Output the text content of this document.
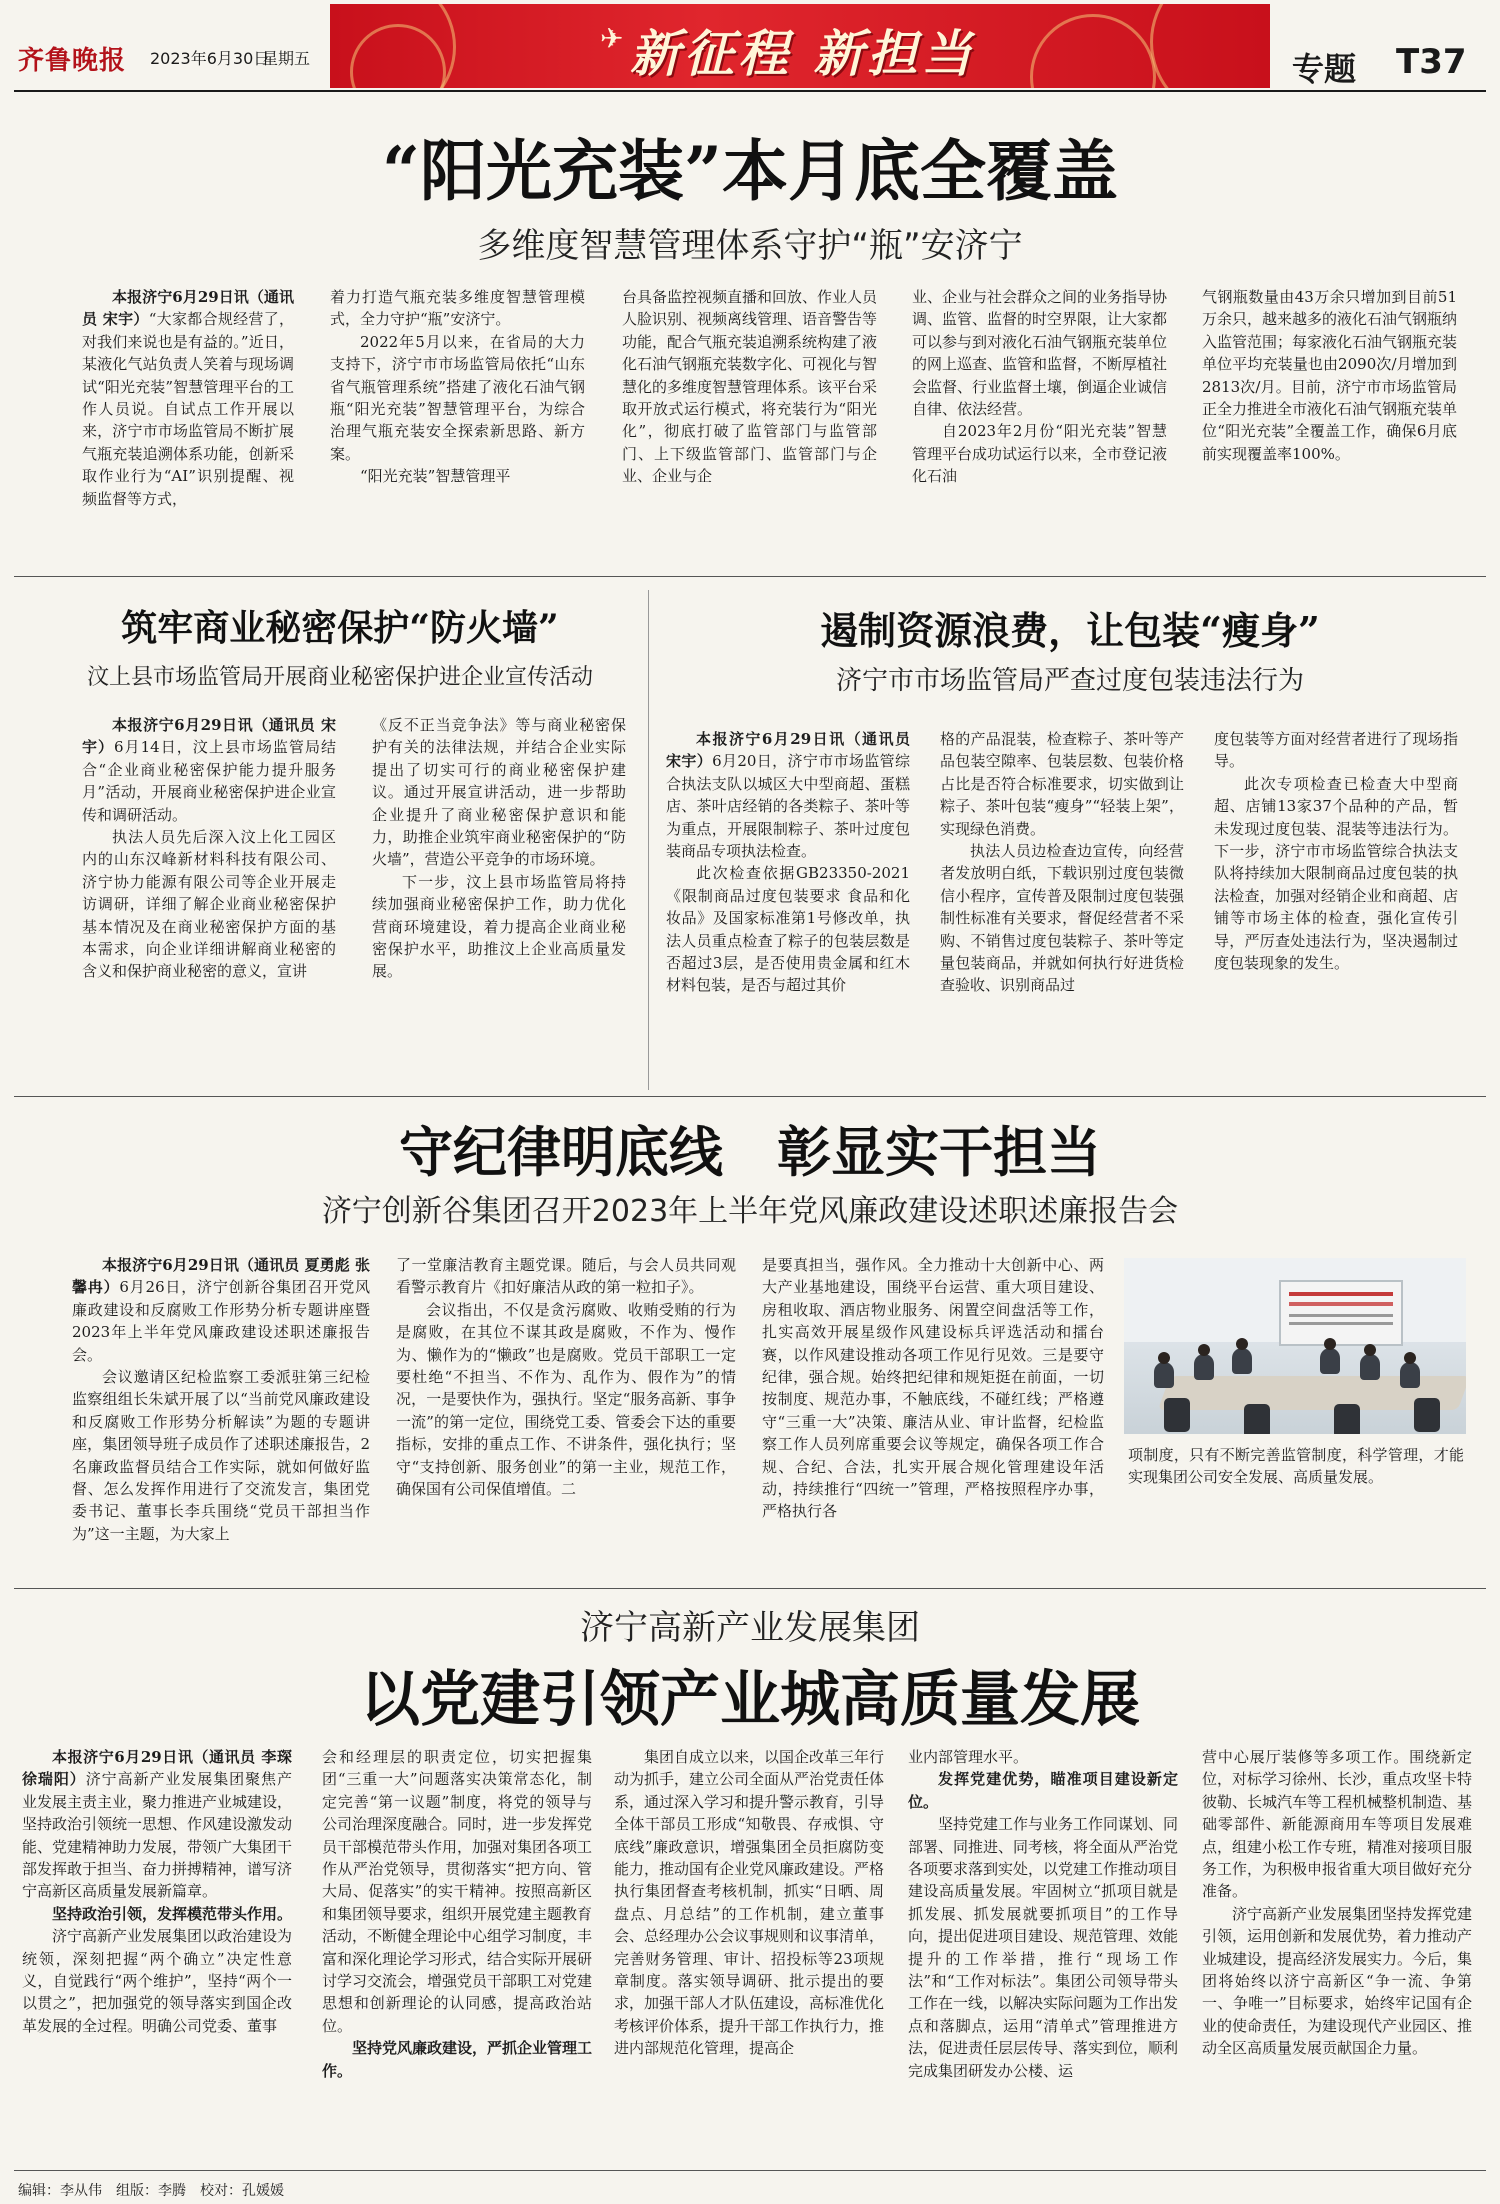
齐鲁晚报 2023年6月30日
星期五
✈ 新征程 新担当	专题 T37
“阳光充装”本月底全覆盖
多维度智慧管理体系守护“瓶”安济宁

本报济宁6月29日讯（通讯员 宋宇）“大家都合规经营了，对我们来说也是有益的。”近日，某液化气站负责人笑着与现场调试“阳光充装”智慧管理平台的工作人员说。自试点工作开展以来，济宁市市场监管局不断扩展气瓶充装追溯体系功能，创新采取作业行为“AI”识别提醒、视频监督等方式，

着力打造气瓶充装多维度智慧管理模式，全力守护“瓶”安济宁。

2022年5月以来，在省局的大力支持下，济宁市市场监管局依托“山东省气瓶管理系统”搭建了液化石油气钢瓶“阳光充装”智慧管理平台，为综合治理气瓶充装安全探索新思路、新方案。

“阳光充装”智慧管理平

台具备监控视频直播和回放、作业人员人脸识别、视频离线管理、语音警告等功能，配合气瓶充装追溯系统构建了液化石油气钢瓶充装数字化、可视化与智慧化的多维度智慧管理体系。该平台采取开放式运行模式，将充装行为“阳光化”，彻底打破了监管部门与监管部门、上下级监管部门、监管部门与企业、企业与企

业、企业与社会群众之间的业务指导协调、监管、监督的时空界限，让大家都可以参与到对液化石油气钢瓶充装单位的网上巡查、监管和监督，不断厚植社会监督、行业监督土壤，倒逼企业诚信自律、依法经营。

自2023年2月份“阳光充装”智慧管理平台成功试运行以来，全市登记液化石油

气钢瓶数量由43万余只增加到目前51万余只，越来越多的液化石油气钢瓶纳入监管范围；每家液化石油气钢瓶充装单位平均充装量也由2090次/月增加到2813次/月。目前，济宁市市场监管局正全力推进全市液化石油气钢瓶充装单位“阳光充装”全覆盖工作，确保6月底前实现覆盖率100%。

筑牢商业秘密保护“防火墙”
汶上县市场监管局开展商业秘密保护进企业宣传活动

本报济宁6月29日讯（通讯员 宋宇）6月14日，汶上县市场监管局结合“企业商业秘密保护能力提升服务月”活动，开展商业秘密保护进企业宣传和调研活动。

执法人员先后深入汶上化工园区内的山东汉峰新材料科技有限公司、济宁协力能源有限公司等企业开展走访调研，详细了解企业商业秘密保护基本情况及在商业秘密保护方面的基本需求，向企业详细讲解商业秘密的含义和保护商业秘密的意义，宣讲

《反不正当竞争法》等与商业秘密保护有关的法律法规，并结合企业实际提出了切实可行的商业秘密保护建议。通过开展宣讲活动，进一步帮助企业提升了商业秘密保护意识和能力，助推企业筑牢商业秘密保护的“防火墙”，营造公平竞争的市场环境。

下一步，汶上县市场监管局将持续加强商业秘密保护工作，助力优化营商环境建设，着力提高企业商业秘密保护水平，助推汶上企业高质量发展。

遏制资源浪费，让包装“瘦身”
济宁市市场监管局严查过度包装违法行为

本报济宁6月29日讯（通讯员 宋宇）6月20日，济宁市市场监管综合执法支队以城区大中型商超、蛋糕店、茶叶店经销的各类粽子、茶叶等为重点，开展限制粽子、茶叶过度包装商品专项执法检查。

此次检查依据GB23350-2021《限制商品过度包装要求 食品和化妆品》及国家标准第1号修改单，执法人员重点检查了粽子的包装层数是否超过3层，是否使用贵金属和红木材料包装，是否与超过其价

格的产品混装，检查粽子、茶叶等产品包装空隙率、包装层数、包装价格占比是否符合标准要求，切实做到让粽子、茶叶包装“瘦身”“轻装上架”，实现绿色消费。

执法人员边检查边宣传，向经营者发放明白纸，下载识别过度包装微信小程序，宣传普及限制过度包装强制性标准有关要求，督促经营者不采购、不销售过度包装粽子、茶叶等定量包装商品，并就如何执行好进货检查验收、识别商品过

度包装等方面对经营者进行了现场指导。

此次专项检查已检查大中型商超、店铺13家37个品种的产品，暂未发现过度包装、混装等违法行为。下一步，济宁市市场监管综合执法支队将持续加大限制商品过度包装的执法检查，加强对经销企业和商超、店铺等市场主体的检查，强化宣传引导，严厉查处违法行为，坚决遏制过度包装现象的发生。

守纪律明底线　彰显实干担当
济宁创新谷集团召开2023年上半年党风廉政建设述职述廉报告会

本报济宁6月29日讯（通讯员 夏勇彪 张馨冉）6月26日，济宁创新谷集团召开党风廉政建设和反腐败工作形势分析专题讲座暨2023年上半年党风廉政建设述职述廉报告会。

会议邀请区纪检监察工委派驻第三纪检监察组组长朱斌开展了以“当前党风廉政建设和反腐败工作形势分析解读”为题的专题讲座，集团领导班子成员作了述职述廉报告，2名廉政监督员结合工作实际，就如何做好监督、怎么发挥作用进行了交流发言，集团党委书记、董事长李兵围绕“党员干部担当作为”这一主题，为大家上

了一堂廉洁教育主题党课。随后，与会人员共同观看警示教育片《扣好廉洁从政的第一粒扣子》。

会议指出，不仅是贪污腐败、收贿受贿的行为是腐败，在其位不谋其政是腐败，不作为、慢作为、懒作为的“懒政”也是腐败。党员干部职工一定要杜绝“不担当、不作为、乱作为、假作为”的情况，一是要快作为，强执行。坚定“服务高新、事争一流”的第一定位，围绕党工委、管委会下达的重要指标，安排的重点工作、不讲条件，强化执行；坚守“支持创新、服务创业”的第一主业，规范工作，确保国有公司保值增值。二

是要真担当，强作风。全力推动十大创新中心、两大产业基地建设，围绕平台运营、重大项目建设、房租收取、酒店物业服务、闲置空间盘活等工作，扎实高效开展星级作风建设标兵评选活动和擂台赛，以作风建设推动各项工作见行见效。三是要守纪律，强合规。始终把纪律和规矩挺在前面，一切按制度、规范办事，不触底线，不碰红线；严格遵守“三重一大”决策、廉洁从业、审计监督，纪检监察工作人员列席重要会议等规定，确保各项工作合规、合纪、合法，扎实开展合规化管理建设年活动，持续推行“四统一”管理，严格按照程序办事，严格执行各

项制度，只有不断完善监管制度，科学管理，才能实现集团公司安全发展、高质量发展。

济宁高新产业发展集团
以党建引领产业城高质量发展

本报济宁6月29日讯（通讯员 李琛 徐瑞阳）济宁高新产业发展集团聚焦产业发展主责主业，聚力推进产业城建设，坚持政治引领统一思想、作风建设激发动能、党建精神助力发展，带领广大集团干部发挥敢于担当、奋力拼搏精神，谱写济宁高新区高质量发展新篇章。

坚持政治引领，发挥模范带头作用。

济宁高新产业发展集团以政治建设为统领，深刻把握“两个确立”决定性意义，自觉践行“两个维护”，坚持“两个一以贯之”，把加强党的领导落实到国企改革发展的全过程。明确公司党委、董事

会和经理层的职责定位，切实把握集团“三重一大”问题落实决策常态化，制定完善“第一议题”制度，将党的领导与公司治理深度融合。同时，进一步发挥党员干部模范带头作用，加强对集团各项工作从严治党领导，贯彻落实“把方向、管大局、促落实”的实干精神。按照高新区和集团领导要求，组织开展党建主题教育活动，不断健全理论中心组学习制度，丰富和深化理论学习形式，结合实际开展研讨学习交流会，增强党员干部职工对党建思想和创新理论的认同感，提高政治站位。

坚持党风廉政建设，严抓企业管理工作。

集团自成立以来，以国企改革三年行动为抓手，建立公司全面从严治党责任体系，通过深入学习和提升警示教育，引导全体干部员工形成“知敬畏、存戒惧、守底线”廉政意识，增强集团全员拒腐防变能力，推动国有企业党风廉政建设。严格执行集团督查考核机制，抓实“日晒、周盘点、月总结”的工作机制，建立董事会、总经理办公会议事规则和议事清单，完善财务管理、审计、招投标等23项规章制度。落实领导调研、批示提出的要求，加强干部人才队伍建设，高标准优化考核评价体系，提升干部工作执行力，推进内部规范化管理，提高企

业内部管理水平。

发挥党建优势，瞄准项目建设新定位。

坚持党建工作与业务工作同谋划、同部署、同推进、同考核，将全面从严治党各项要求落到实处，以党建工作推动项目建设高质量发展。牢固树立“抓项目就是抓发展、抓发展就要抓项目”的工作导向，提出促进项目建设、规范管理、效能提升的工作举措，推行“现场工作法”和“工作对标法”。集团公司领导带头工作在一线，以解决实际问题为工作出发点和落脚点，运用“清单式”管理推进方法，促进责任层层传导、落实到位，顺利完成集团研发办公楼、运

营中心展厅装修等多项工作。围绕新定位，对标学习徐州、长沙，重点攻坚卡特彼勒、长城汽车等工程机械整机制造、基础零部件、新能源商用车等项目发展难点，组建小松工作专班，精准对接项目服务工作，为积极申报省重大项目做好充分准备。

济宁高新产业发展集团坚持发挥党建引领，运用创新和发展优势，着力推动产业城建设，提高经济发展实力。今后，集团将始终以济宁高新区“争一流、争第一、争唯一”目标要求，始终牢记国有企业的使命责任，为建设现代产业园区、推动全区高质量发展贡献国企力量。

编辑：李从伟　组版：李腾　校对：孔媛媛
